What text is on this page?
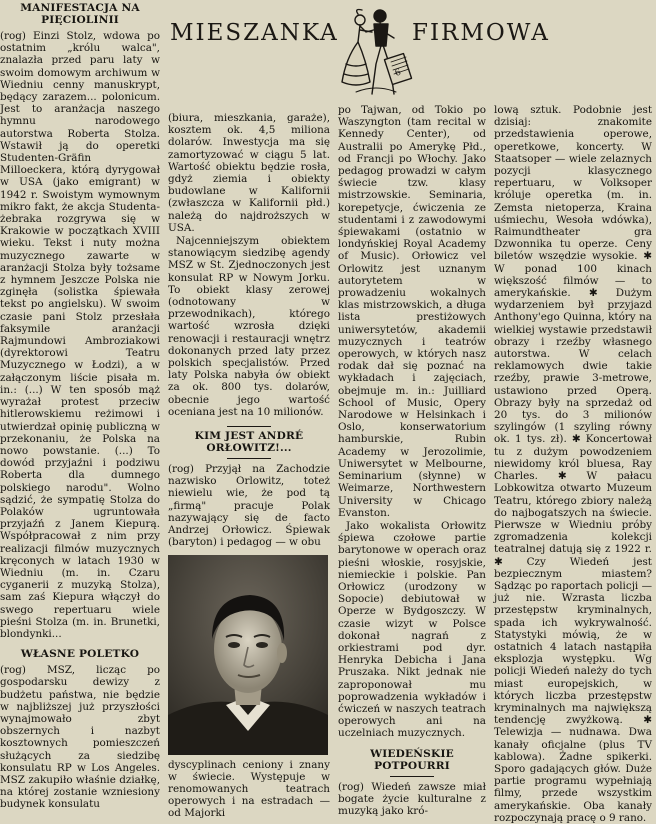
MIESZANKA
6
FIRMOWA
MANIFESTACJA NA PIĘCIOLINII

(rog) Einzi Stolz, wdowa po ostatnim „królu walca", znalazła przed paru laty w swoim domowym archiwum w Wiedniu cenny manuskrypt, będący zarazem... polonicum. Jest to aranżacja naszego hymnu narodowego autorstwa Roberta Stolza. Wstawił ją do operetki Studenten-Gräfin Milloeckera, którą dyrygował w USA (jako emigrant) w 1942 r. Swoistym wymownym mikro fakt, że akcja Studenta-żebraka rozgrywa się w Krakowie w początkach XVIII wieku. Tekst i nuty można muzycznego zawarte w aranżacji Stolza były tożsame z hymnem Jeszcze Polska nie zginęła (solistka śpiewała tekst po angielsku). W swoim czasie pani Stolz przesłała faksymile aranżacji Rajmundowi Ambroziakowi (dyrektorowi Teatru Muzycznego w Łodzi), a w załączonym liście pisała m. in.: (...) W ten sposób mąż wyrażał protest przeciw hitlerowskiemu reżimowi i utwierdzał opinię publiczną w przekonaniu, że Polska na nowo powstanie. (...) To dowód przyjaźni i podziwu Roberta dla dumnego polskiego narodu". Wolno sądzić, że sympatię Stolza do Polaków ugruntowała przyjaźń z Janem Kiepurą. Współpracował z nim przy realizacji filmów muzycznych kręconych w latach 1930 w Wiedniu (m. in. Czaru cyganerii z muzyką Stolza), sam zaś Kiepura włączył do swego repertuaru wiele pieśni Stolza (m. in. Brunetki, blondynki...

WŁASNE POLETKO

(rog) MSZ, licząc po gospodarsku dewizy z budżetu państwa, nie będzie w najbliższej już przyszłości wynajmowało zbyt obszernych i nazbyt kosztownych pomieszczeń służących za siedzibę konsulatu RP w Los Angeles. MSZ zakupiło właśnie działkę, na której zostanie wzniesiony budynek konsulatu

(biura, mieszkania, garaże), kosztem ok. 4,5 miliona dolarów. Inwestycja ma się zamortyzować w ciągu 5 lat. Wartość obiektu będzie rosła, gdyż ziemia i obiekty budowlane w Kalifornii (zwłaszcza w Kalifornii płd.) należą do najdroższych w USA.

Najcenniejszym obiektem stanowiącym siedzibę agendy MSZ w St. Zjednoczonych jest konsulat RP w Nowym Jorku. To obiekt klasy zerowej (odnotowany w przewodnikach), którego wartość wzrosła dzięki renowacji i restauracji wnętrz dokonanych przed laty przez polskich specjalistów. Przed laty Polska nabyła ów obiekt za ok. 800 tys. dolarów, obecnie jego wartość oceniana jest na 10 milionów.

KIM JEST ANDRÉ ORŁOWITZ!...

(rog) Przyjął na Zachodzie nazwisko Orlowitz, toteż niewielu wie, że pod tą „firmą" pracuje Polak nazywający się de facto Andrzej Orłowicz. Śpiewak (baryton) i pedagog — w obu

dyscyplinach ceniony i znany w świecie. Występuje w renomowanych teatrach operowych i na estradach — od Majorki

po Tajwan, od Tokio po Waszyngton (tam recital w Kennedy Center), od Australii po Amerykę Płd., od Francji po Włochy. Jako pedagog prowadzi w całym świecie tzw. klasy mistrzowskie. Seminaria, korepetycje, ćwiczenia ze studentami i z zawodowymi śpiewakami (ostatnio w londyńskiej Royal Academy of Music). Orłowicz vel Orlowitz jest uznanym autorytetem w prowadzeniu wokalnych klas mistrzowskich, a długa lista prestiżowych uniwersytetów, akademii muzycznych i teatrów operowych, w których nasz rodak dał się poznać na wykładach i zajęciach, obejmuje m. in.: Juilliard School of Music, Opery Narodowe w Helsinkach i Oslo, konserwatorium hamburskie, Rubin Academy w Jerozolimie, Uniwersytet w Melbourne, Seminarium (słynne) w Weimarze, Northwestern University w Chicago Evanston.

Jako wokalista Orłowitz śpiewa czołowe partie barytonowe w operach oraz pieśni włoskie, rosyjskie, niemieckie i polskie. Pan Orłowicz (urodzony w Sopocie) debiutował w Operze w Bydgoszczy. W czasie wizyt w Polsce dokonał nagrań z orkiestrami pod dyr. Henryka Debicha i Jana Pruszaka. Nikt jednak nie zaproponował mu poprowadzenia wykładów i ćwiczeń w naszych teatrach operowych ani na uczelniach muzycznych.

WIEDEŃSKIE POTPOURRI

(rog) Wiedeń zawsze miał bogate życie kulturalne z muzyką jako kró-

lową sztuk. Podobnie jest dzisiaj: znakomite przedstawienia operowe, operetkowe, koncerty. W Staatsoper — wiele zelaznych pozycji klasycznego repertuaru, w Volksoper króluje operetka (m. in. Zemsta nietoperza, Kraina uśmiechu, Wesoła wdówka), Raimundtheater gra Dzwonnika tu operze. Ceny biletów wszędzie wysokie. ✱ W ponad 100 kinach większość filmów — to amerykańskie. ✱ Dużym wydarzeniem był przyjazd Anthony'ego Quinna, który na wielkiej wystawie przedstawił obrazy i rzeźby własnego autorstwa. W celach reklamowych dwie takie rzeźby, prawie 3-metrowe, ustawiono przed Operą. Obrazy były na sprzedaż od 20 tys. do 3 milionów szylingów (1 szyling równy ok. 1 tys. zł). ✱ Koncertował tu z dużym powodzeniem niewidomy król bluesa, Ray Charles. ✱ W pałacu Lobkowitza otwarto Muzeum Teatru, którego zbiory należą do najbogatszych na świecie. Pierwsze w Wiedniu próby zgromadzenia kolekcji teatralnej datują się z 1922 r. ✱ Czy Wiedeń jest bezpiecznym miastem? Sądząc po raportach policji — już nie. Wzrasta liczba przestępstw kryminalnych, spada ich wykrywalność. Statystyki mówią, że w ostatnich 4 latach nastąpiła eksplozja występku. Wg policji Wiedeń należy do tych miast europejskich, w których liczba przestępstw kryminalnych ma największą tendencję zwyżkową. ✱ Telewizja — nudnawa. Dwa kanały oficjalne (plus TV kablowa). Żadne spikerki. Sporo gadających głów. Duże partie programu wypełniają filmy, przede wszystkim amerykańskie. Oba kanały rozpoczynają pracę o 9 rano.
